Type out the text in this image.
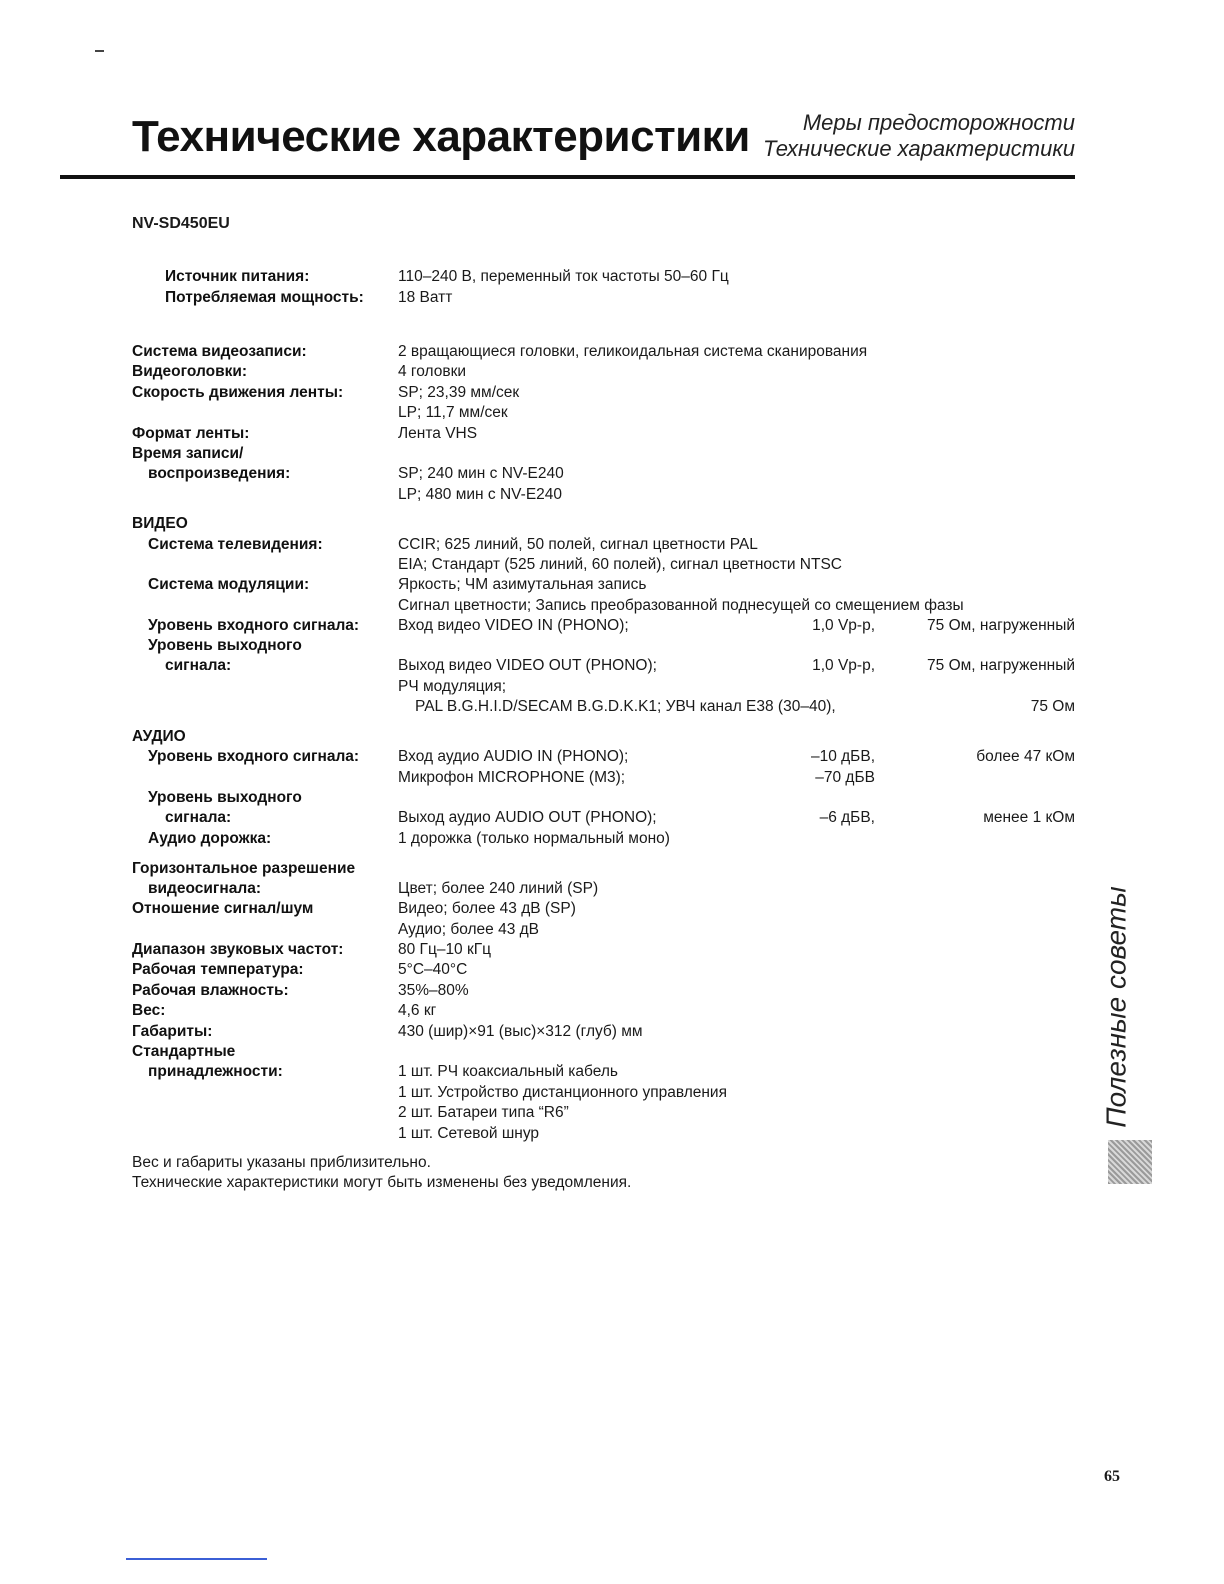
Технические характеристики	Меры предосторожности
Технические характеристики

NV-SD450EU

Источник питания:	110–240 В, переменный ток частоты 50–60 Гц
Потребляемая мощность: 18 Ватт
Система видеозаписи:	2 вращающиеся головки, геликоидальная система сканирования
Видеоголовки:	4 головки
Скорость движения ленты:	SP; 23,39 мм/сек
LP; 11,7 мм/сек
Формат ленты:	Лента VHS
Время записи/
воспроизведения:	SP; 240 мин с NV-E240
LP; 480 мин с NV-E240
ВИДЕО
Система телевидения:	CCIR; 625 линий, 50 полей, сигнал цветности PAL
EIA; Стандарт (525 линий, 60 полей), сигнал цветности NTSC
Система модуляции:	Яркость; ЧМ азимутальная запись
Сигнал цветности; Запись преобразованной поднесущей со смещением фазы
Уровень входного сигнала:	Вход видео VIDEO IN (PHONO);	1,0 Vp-p,	75 Ом, нагруженный
Уровень выходного
сигнала:	Выход видео VIDEO OUT (PHONO);	1,0 Vp-p,	75 Ом, нагруженный
РЧ модуляция;
PAL B.G.H.I.D/SECAM B.G.D.K.K1; УВЧ канал E38 (30–40),	75 Ом
АУДИО
Уровень входного сигнала:	Вход аудио AUDIO IN (PHONO);	–10 дБВ,	более 47 кОм
Микрофон MICROPHONE (M3);	–70 дБВ
Уровень выходного
сигнала:	Выход аудио AUDIO OUT (PHONO);	–6 дБВ,	менее 1 кОм
Аудио дорожка:	1 дорожка (только нормальный моно)
Горизонтальное разрешение
видеосигнала:	Цвет; более 240 линий (SP)
Отношение сигнал/шум	Видео; более 43 дВ (SP)
Аудио; более 43 дВ
Диапазон звуковых частот:	80 Гц–10 кГц
Рабочая температура:	5°C–40°C
Рабочая влажность:	35%–80%
Вес:	4,6 кг
Габариты:	430 (шир)×91 (выс)×312 (глуб) мм
Стандартные
принадлежности:	1 шт. РЧ коаксиальный кабель
1 шт. Устройство дистанционного управления
2 шт. Батареи типа “R6”
1 шт. Сетевой шнур
Вес и габариты указаны приблизительно.
Технические характеристики могут быть изменены без уведомления.
Полезные советы
65
